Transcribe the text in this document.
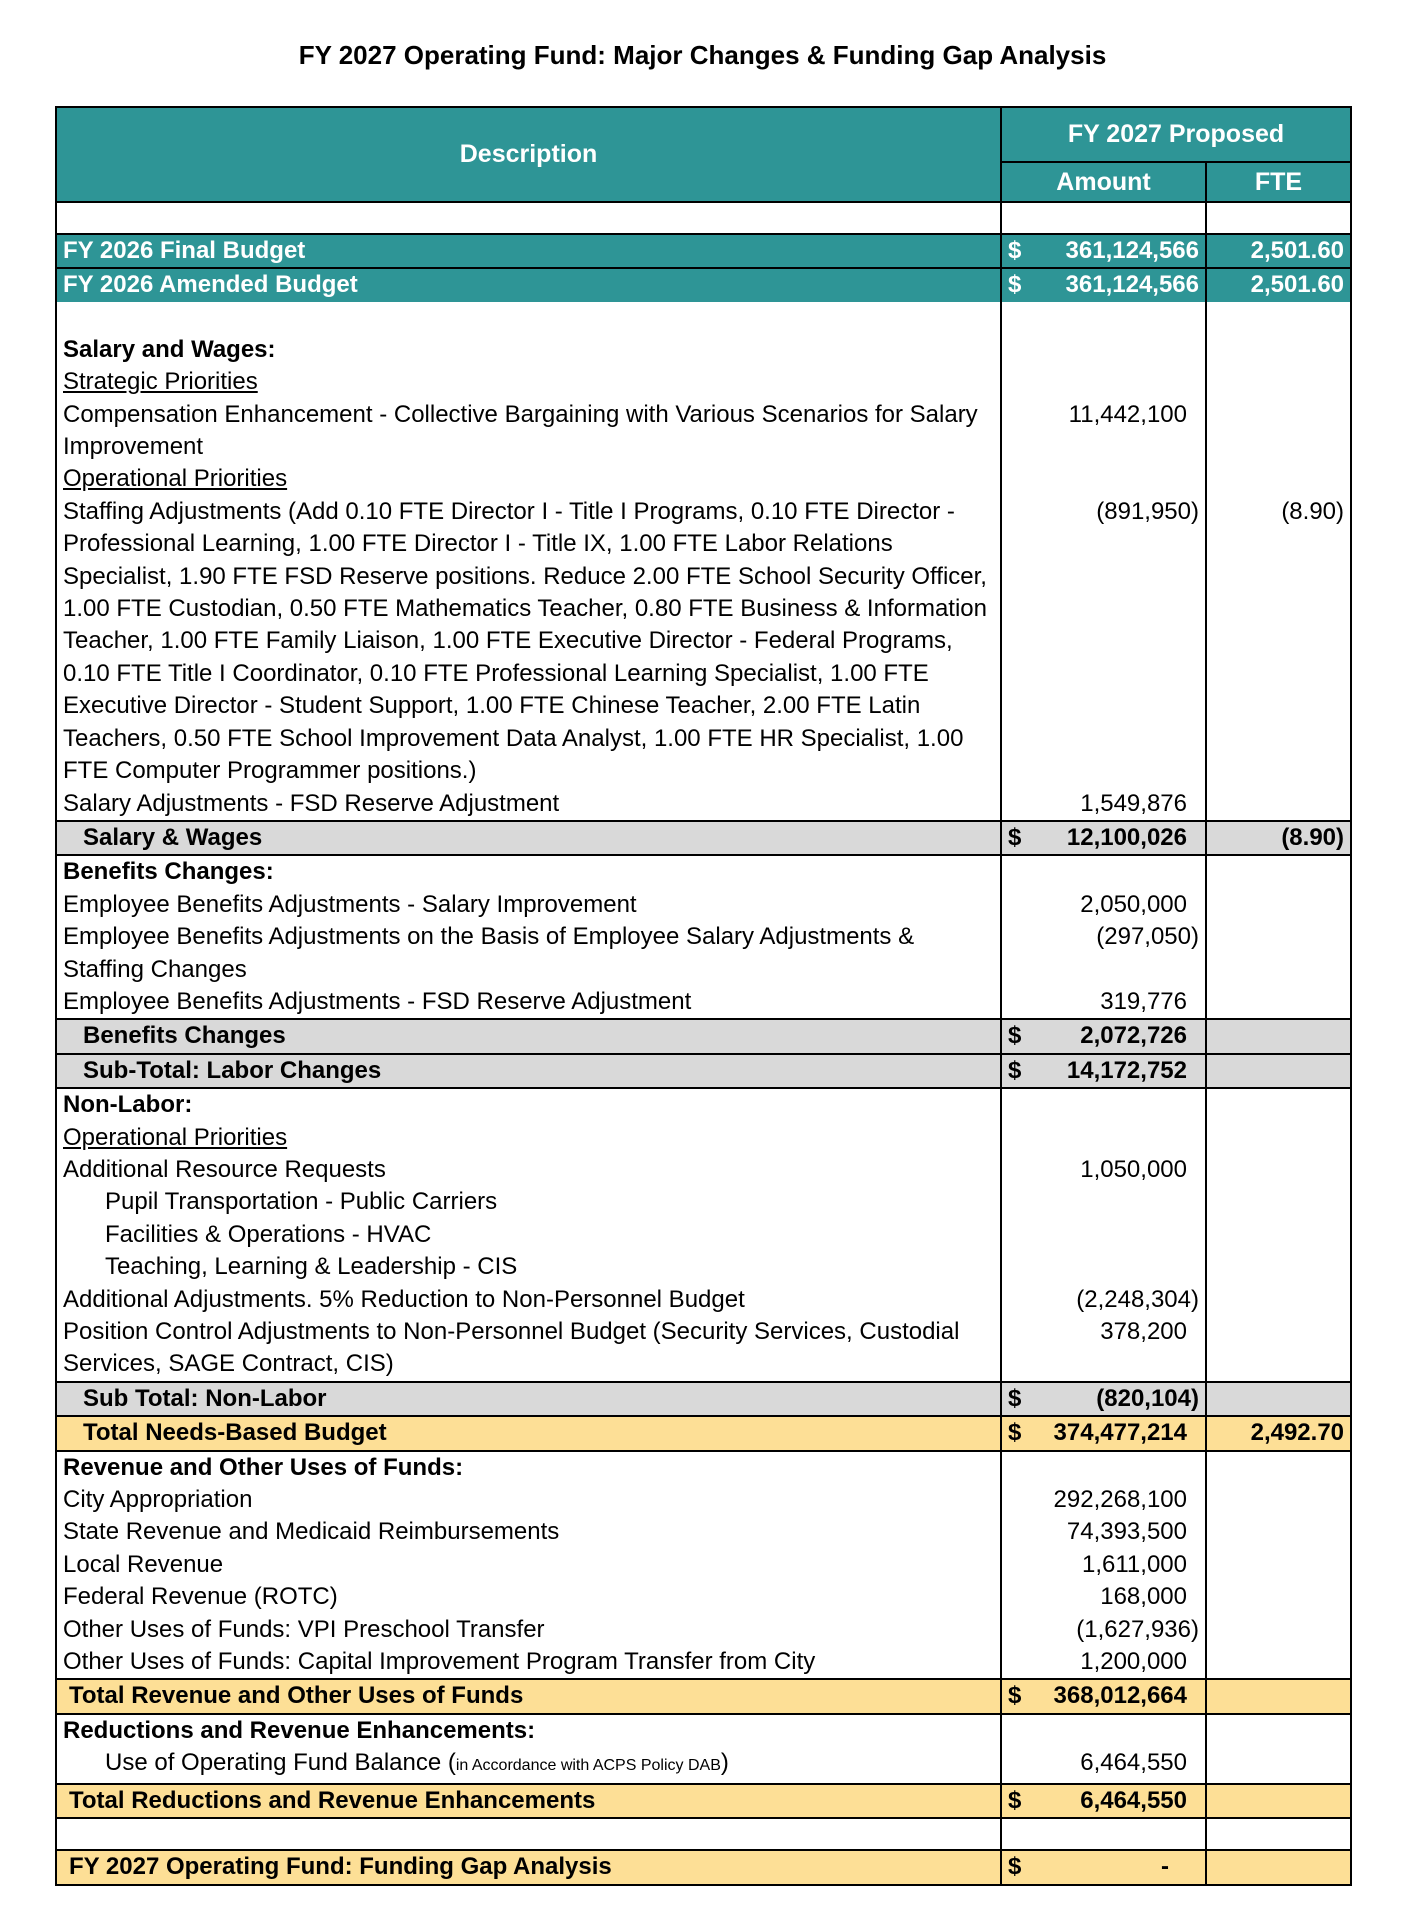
FY 2027 Operating Fund: Major Changes & Funding Gap Analysis
Description	FY 2027 Proposed	
	Amount	FTE

FY 2026 Final Budget	$ 361,124,566	2,501.60
FY 2026 Amended Budget	$ 361,124,566	2,501.60

Salary and Wages:		
Strategic Priorities		
Compensation Enhancement - Collective Bargaining with Various Scenarios for Salary Improvement	11,442,100	
Operational Priorities		
Staffing Adjustments (Add 0.10 FTE Director I - Title I Programs, 0.10 FTE Director - Professional Learning, 1.00 FTE Director I - Title IX, 1.00 FTE Labor Relations Specialist, 1.90 FTE FSD Reserve positions. Reduce 2.00 FTE School Security Officer, 1.00 FTE Custodian, 0.50 FTE Mathematics Teacher, 0.80 FTE Business & Information Teacher, 1.00 FTE Family Liaison, 1.00 FTE Executive Director - Federal Programs, 0.10 FTE Title I Coordinator, 0.10 FTE Professional Learning Specialist, 1.00 FTE Executive Director - Student Support, 1.00 FTE Chinese Teacher, 2.00 FTE Latin Teachers, 0.50 FTE School Improvement Data Analyst, 1.00 FTE HR Specialist, 1.00 FTE Computer Programmer positions.)	(891,950)	(8.90)
Salary Adjustments - FSD Reserve Adjustment	1,549,876	
Salary & Wages	$ 12,100,026	(8.90)
Benefits Changes:		
Employee Benefits Adjustments - Salary Improvement	2,050,000	
Employee Benefits Adjustments on the Basis of Employee Salary Adjustments & Staffing Changes	(297,050)	
Employee Benefits Adjustments - FSD Reserve Adjustment	319,776	
Benefits Changes	$ 2,072,726	

Sub-Total: Labor Changes	$ 14,172,752	

Non-Labor:		
Operational Priorities		
Additional Resource Requests	1,050,000	
Pupil Transportation - Public Carriers		
Facilities & Operations - HVAC		
Teaching, Learning & Leadership - CIS		
Additional Adjustments. 5% Reduction to Non-Personnel Budget	(2,248,304)	
Position Control Adjustments to Non-Personnel Budget (Security Services, Custodial Services, SAGE Contract, CIS)	378,200	
Sub Total: Non-Labor	$ (820,104)	

Total Needs-Based Budget	$ 374,477,214	2,492.70
Revenue and Other Uses of Funds:		
City Appropriation	292,268,100	
State Revenue and Medicaid Reimbursements	74,393,500	
Local Revenue	1,611,000	
Federal Revenue (ROTC)	168,000	
Other Uses of Funds: VPI Preschool Transfer	(1,627,936)	
Other Uses of Funds: Capital Improvement Program Transfer from City	1,200,000	
Total Revenue and Other Uses of Funds	$ 368,012,664	

Reductions and Revenue Enhancements:		
Use of Operating Fund Balance (in Accordance with ACPS Policy DAB)	6,464,550	
Total Reductions and Revenue Enhancements	$ 6,464,550	

FY 2027 Operating Fund: Funding Gap Analysis	$ -	
